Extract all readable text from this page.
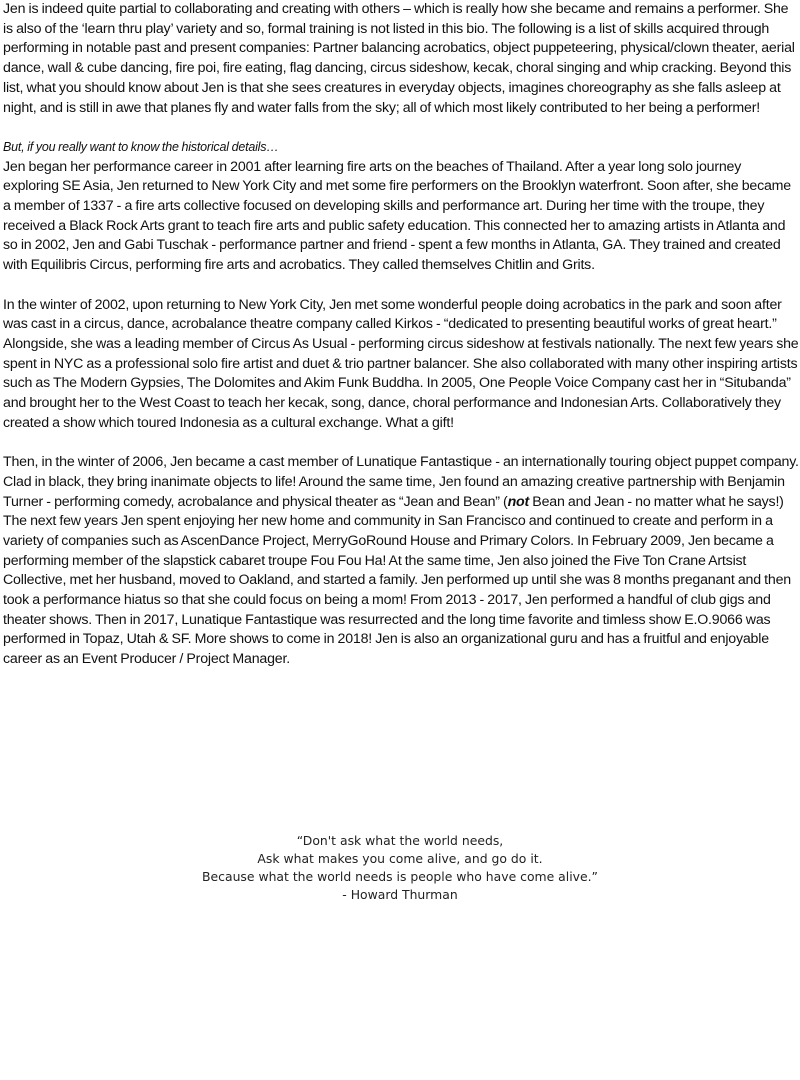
Jen is indeed quite partial to collaborating and creating with others – which is really how she became and remains a performer. She is also of the ‘learn thru play’ variety and so, formal training is not listed in this bio. The following is a list of skills acquired through performing in notable past and present companies: Partner balancing acrobatics, object puppeteering, physical/clown theater, aerial dance, wall & cube dancing, fire poi, fire eating, flag dancing, circus sideshow, kecak, choral singing and whip cracking. Beyond this list, what you should know about Jen is that she sees creatures in everyday objects, imagines choreography as she falls asleep at night, and is still in awe that planes fly and water falls from the sky; all of which most likely contributed to her being a performer!

But, if you really want to know the historical details…

Jen began her performance career in 2001 after learning fire arts on the beaches of Thailand. After a year long solo journey exploring SE Asia, Jen returned to New York City and met some fire performers on the Brooklyn waterfront. Soon after, she became a member of 1337 - a fire arts collective focused on developing skills and performance art. During her time with the troupe, they received a Black Rock Arts grant to teach fire arts and public safety education. This connected her to amazing artists in Atlanta and so in 2002, Jen and Gabi Tuschak - performance partner and friend - spent a few months in Atlanta, GA. They trained and created with Equilibris Circus, performing fire arts and acrobatics. They called themselves Chitlin and Grits.

In the winter of 2002, upon returning to New York City, Jen met some wonderful people doing acrobatics in the park and soon after was cast in a circus, dance, acrobalance theatre company called Kirkos - “dedicated to presenting beautiful works of great heart.” Alongside, she was a leading member of Circus As Usual - performing circus sideshow at festivals nationally. The next few years she spent in NYC as a professional solo fire artist and duet & trio partner balancer. She also collaborated with many other inspiring artists such as The Modern Gypsies, The Dolomites and Akim Funk Buddha. In 2005, One People Voice Company cast her in “Situbanda” and brought her to the West Coast to teach her kecak, song, dance, choral performance and Indonesian Arts. Collaboratively they created a show which toured Indonesia as a cultural exchange. What a gift!

Then, in the winter of 2006, Jen became a cast member of Lunatique Fantastique - an internationally touring object puppet company. Clad in black, they bring inanimate objects to life! Around the same time, Jen found an amazing creative partnership with Benjamin Turner - performing comedy, acrobalance and physical theater as “Jean and Bean” (not Bean and Jean - no matter what he says!) The next few years Jen spent enjoying her new home and community in San Francisco and continued to create and perform in a variety of companies such as AscenDance Project, MerryGoRound House and Primary Colors. In February 2009, Jen became a performing member of the slapstick cabaret troupe Fou Fou Ha! At the same time, Jen also joined the Five Ton Crane Artsist Collective, met her husband, moved to Oakland, and started a family. Jen performed up until she was 8 months preganant and then took a performance hiatus so that she could focus on being a mom! From 2013 - 2017, Jen performed a handful of club gigs and theater shows. Then in 2017, Lunatique Fantastique was resurrected and the long time favorite and timless show E.O.9066 was performed in Topaz, Utah & SF. More shows to come in 2018! Jen is also an organizational guru and has a fruitful and enjoyable career as an Event Producer / Project Manager.

“Don't ask what the world needs,

Ask what makes you come alive, and go do it.

Because what the world needs is people who have come alive.”

- Howard Thurman
